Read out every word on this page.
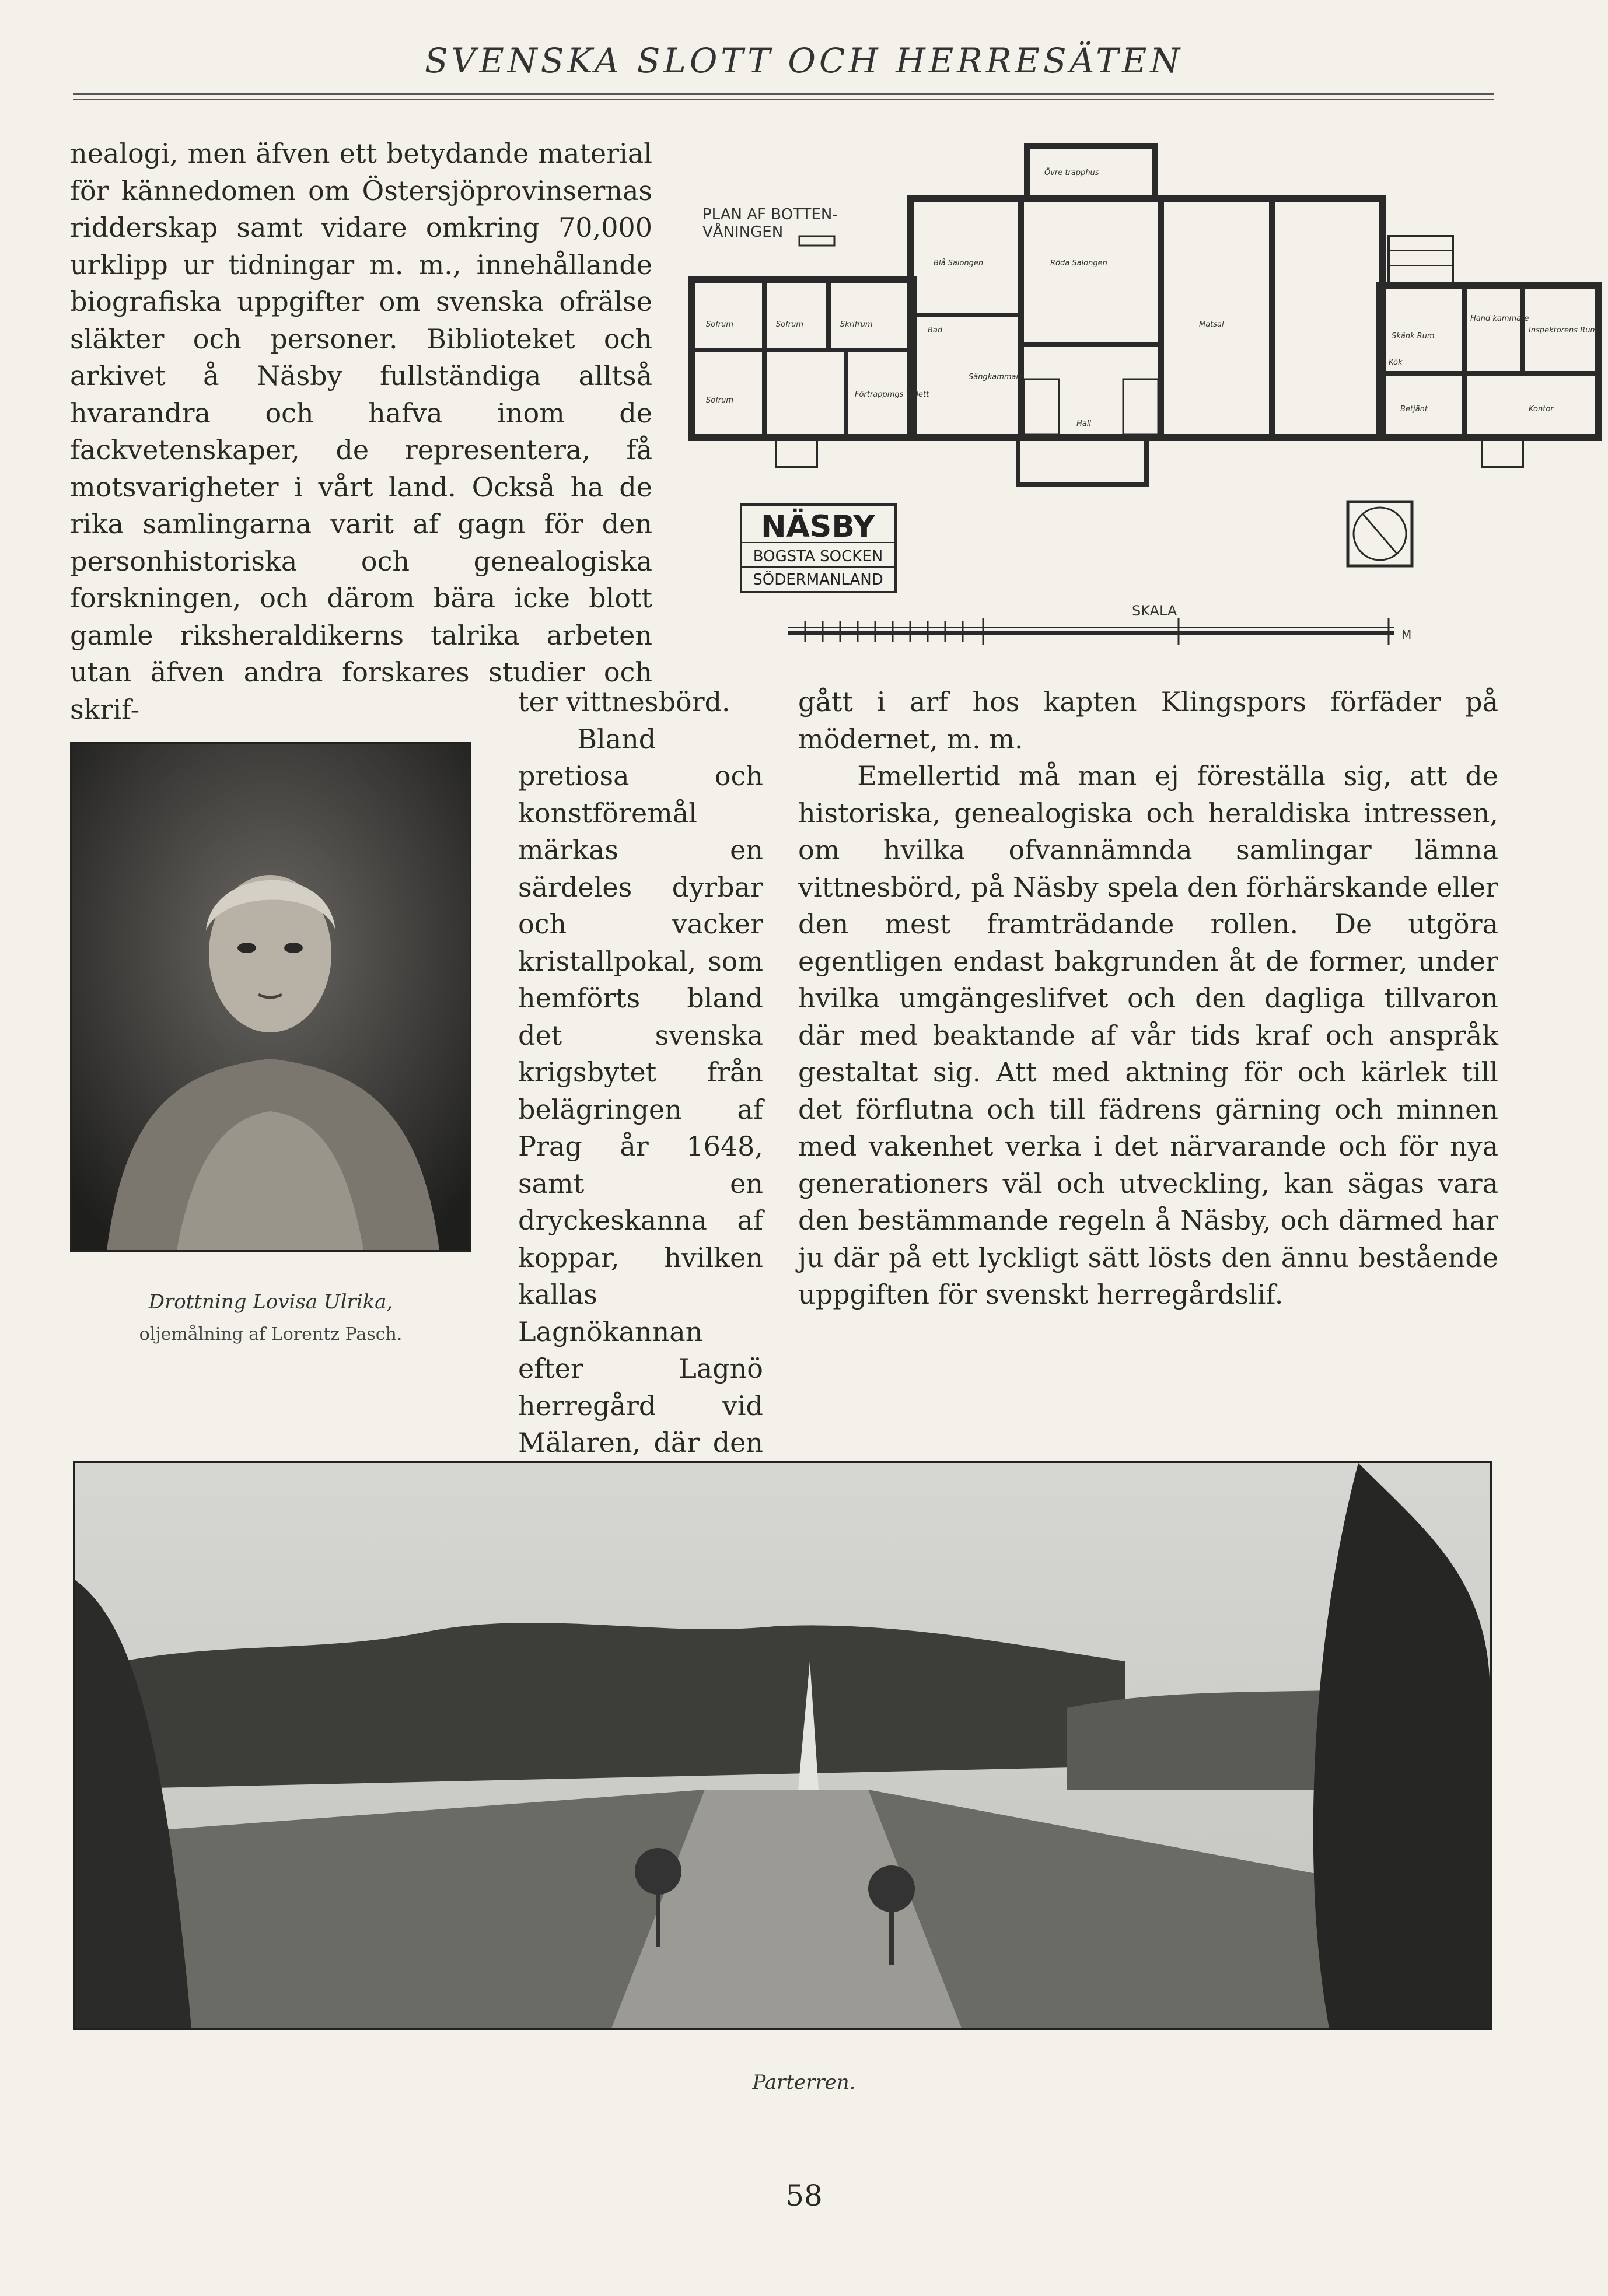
SVENSKA SLOTT OCH HERRESÄTEN

nealogi, men äfven ett betydande material för kännedomen om Östersjöprovinsernas ridderskap samt vidare omkring 70,000 urklipp ur tidningar m. m., innehållande biografiska uppgifter om svenska ofrälse släkter och personer. Biblioteket och arkivet å Näsby fullständiga alltså hvarandra och hafva inom de fackvetenskaper, de representera, få motsvarigheter i vårt land. Också ha de rika samlingarna varit af gagn för den personhistoriska och genealogiska forskningen, och därom bära icke blott gamle riksheraldikerns talrika arbeten utan äfven andra forskares studier och skrif-

PLAN AF BOTTEN-
VÅNINGEN
NÄSBY
BOGSTA SOCKEN
SÖDERMANLAND
SKALA
M
Övre trapphus
Blå Salongen	Röda Salongen
Matsal
Sofrum	Sofrum	Skrifrum
Sofrum
Bad
Förtrappmgs Toilett
Sängkammare
Hall
Skänk Rum
Kök
Hand kammare
Inspektorens Rum
Betjänt	Kontor
Drottning Lovisa Ulrika,
oljemålning af Lorentz Pasch.

ter vittnesbörd.

Bland pretiosa och konstföremål märkas en särdeles dyrbar och vacker kristallpokal, som hemförts bland det svenska krigsbytet från belägringen af Prag år 1648, samt en dryckeskanna af koppar, hvilken kallas Lagnökannan efter Lagnö herregård vid Mälaren, där den

gått i arf hos kapten Klingspors förfäder på mödernet, m. m.

Emellertid må man ej föreställa sig, att de historiska, genealogiska och heraldiska intressen, om hvilka ofvannämnda samlingar lämna vittnesbörd, på Näsby spela den förhärskande eller den mest framträdande rollen. De utgöra egentligen endast bakgrunden åt de former, under hvilka umgängeslifvet och den dagliga tillvaron där med beaktande af vår tids kraf och anspråk gestaltat sig. Att med aktning för och kärlek till det förflutna och till fädrens gärning och minnen med vakenhet verka i det närvarande och för nya generationers väl och utveckling, kan sägas vara den bestämmande regeln å Näsby, och därmed har ju där på ett lyckligt sätt lösts den ännu bestående uppgiften för svenskt herregårdslif.

Parterren.
58
